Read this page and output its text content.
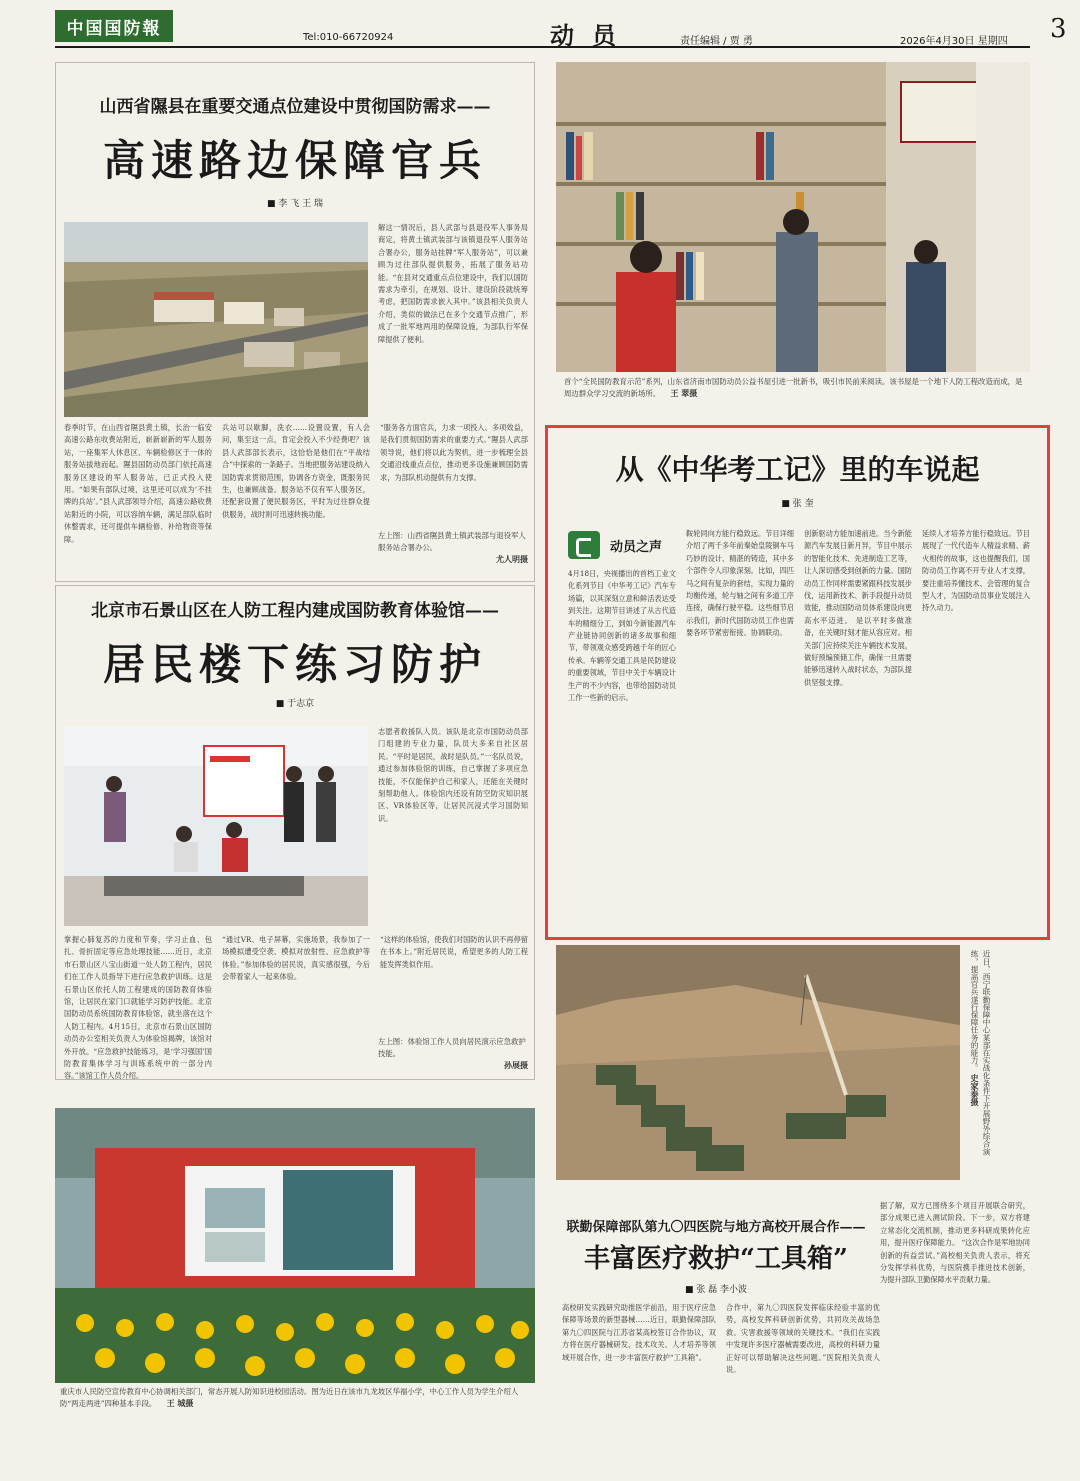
中国国防報	Tel:010-66720924	动员	责任编辑 / 贾 勇	2026年4月30日 星期四 3
山西省隰县在重要交通点位建设中贯彻国防需求——
高速路边保障官兵
■ 李 飞 王 瑞
解这一情况后，县人武部与县退役军人事务局商定，将黄土镇武装部与该镇退役军人服务站合署办公，服务站挂牌“军人服务站”，可以兼顾为过往部队提供服务，拓展了服务站功能。“在县对交通重点点位建设中，我们以国防需求为牵引，在规划、设计、建设阶段就统筹考虑，把国防需求嵌入其中。”该县相关负责人介绍，类似的做法已在多个交通节点推广，形成了一批军地两用的保障设施，为部队行军保障提供了便利。
春季时节，在山西省隰县黄土镇，长治一临安高速公路东收费站附近，崭新崭新的军人服务站，一座集军人休息区、车辆检修区于一体的服务站拔地而起。隰县国防动员部门依托高速服务区建设的军人服务站，已正式投入使用。“如果有部队过境，这里还可以成为‘不挂牌的兵站’。”县人武部领导介绍，高速公路收费站附近的小院，可以容纳车辆，满足部队临时休整需求，还可提供车辆检修、补给物资等保障。
兵站可以歇脚，洗衣……设置设置，有人会问，集至这一点，肯定会投入不少经费吧？该县人武部部长表示，这恰恰是他们在“平战结合”中探索的一条路子。当地把服务站建设纳入国防需求贯彻范围，协调各方资金，既服务民生，也兼顾战备。服务站不仅有军人服务区，还配套设置了便民服务区，平时为过往群众提供服务，战时则可迅速转换功能。
“服务各方面官兵，力求一项投入、多项效益，是我们贯彻国防需求的重要方式。”隰县人武部领导说，他们将以此为契机，进一步梳理全县交通沿线重点点位，推动更多设施兼顾国防需求，为部队机动提供有力支撑。
左上图：山西省隰县黄土镇武装部与退役军人服务站合署办公。
尤人明摄
北京市石景山区在人防工程内建成国防教育体验馆——
居民楼下练习防护
■ 于志京
志愿者救援队人员。该队是北京市国防动员部门组建的专业力量，队员大多来自社区居民。“平时是居民，战时是队员。”一名队员说，通过参加体验馆的训练，自己掌握了多项应急技能，不仅能保护自己和家人，还能在关键时刻帮助他人。体验馆内还设有防空防灾知识展区、VR体验区等，让居民沉浸式学习国防知识。
掌握心肺复苏的力度和节奏，学习止血、包扎、骨折固定等应急处理技能……近日，北京市石景山区八宝山街道一处人防工程内，居民们在工作人员指导下进行应急救护训练。这是石景山区依托人防工程建成的国防教育体验馆，让居民在家门口就能学习防护技能。北京国防动员系统国防教育体验馆，就坐落在这个人防工程内。4月15日，北京市石景山区国防动员办公室相关负责人为体验馆揭牌，该馆对外开放。“应急救护技能练习，是‘学习强国’国防教育集体学习与训练系统中的一部分内容。”该馆工作人员介绍。
“通过VR、电子屏幕，实施场景，我参加了一场模拟遭受空袭、模拟对放射性、应急救护等体验。”参加体验的居民说，真实感很强，今后会带着家人一起来体验。
“这样的体验馆，使我们对国防的认识不再停留在书本上。”附近居民说，希望更多的人防工程能发挥类似作用。
左上图：体验馆工作人员向居民演示应急救护技能。
孙展摄
重庆市人民防空宣传教育中心协调相关部门，常态开展人防知识进校园活动。图为近日在该市九龙坡区华福小学，中心工作人员为学生介绍人防“两走两进”四种基本手段。 王 城摄
首个“全民国防教育示范”系列，山东省济南市国防动员公益书屋引进一批新书，吸引市民前来阅读。该书屋是一个地下人防工程改造而成，是周边群众学习交流的新场所。 王 翠摄
从《中华考工记》里的车说起
■ 张 奎
动员之声
4月18日，央视播出的首档工业文化系列节目《中华考工记》汽车专场篇，以其深刻立意和鲜活表达受到关注。这期节目讲述了从古代造车的精细分工，到如今新能源汽车产业链协同创新的诸多故事和细节，带领观众感受跨越千年的匠心传承。车辆等交通工具是民防建设的重要领域，节目中关于车辆设计生产的不少内容，也带给国防动员工作一些新的启示。
鞍轮同向方能行稳致远。节目详细介绍了两千多年前秦始皇陵铜车马巧妙的设计、精湛的铸造，其中多个部件令人印象深刻。比如，四匹马之间有复杂的套结，实现力量的均衡传递，轮与轴之间有多道工序连接，确保行驶平稳。这些细节启示我们，新时代国防动员工作也需要各环节紧密衔接、协调联动。
创新驱动方能加速前进。当今新能源汽车发展日新月异，节目中展示的智能化技术、先进制造工艺等，让人深切感受到创新的力量。国防动员工作同样需要紧跟科技发展步伐，运用新技术、新手段提升动员效能，推动国防动员体系建设向更高水平迈进。 是以平时多做准备，在关键时刻才能从容应对。相关部门应持续关注车辆技术发展，做好预编预储工作，确保一旦需要能够迅速转入战时状态，为部队提供坚强支撑。
延续人才培养方能行稳致远。节目展现了一代代造车人精益求精、薪火相传的故事，这也提醒我们，国防动员工作离不开专业人才支撑，要注重培养懂技术、会管理的复合型人才，为国防动员事业发展注入持久动力。
近日，西宁联勤保障中心某部在实战化条件下开展野外综合演练，提高官兵遂行保障任务的能力。 史家泰摄
联勤保障部队第九〇四医院与地方高校开展合作——
丰富医疗救护“工具箱”
■ 张 磊 李小波
高校研发实践研究助推医学前沿，用于医疗应急保障等场景的新型器械……近日，联勤保障部队第九〇四医院与江苏省某高校签订合作协议，双方将在医疗器械研发、技术攻关、人才培养等领域开展合作，进一步丰富医疗救护“工具箱”。
合作中，第九〇四医院发挥临床经验丰富的优势，高校发挥科研创新优势，共同攻关战场急救、灾害救援等领域的关键技术。“我们在实践中发现许多医疗器械需要改进，高校的科研力量正好可以帮助解决这些问题。”医院相关负责人说。
据了解，双方已围绕多个项目开展联合研究，部分成果已进入测试阶段。下一步，双方将建立常态化交流机制，推动更多科研成果转化应用，提升医疗保障能力。 “这次合作是军地协同创新的有益尝试。”高校相关负责人表示，将充分发挥学科优势，与医院携手推进技术创新，为提升部队卫勤保障水平贡献力量。
